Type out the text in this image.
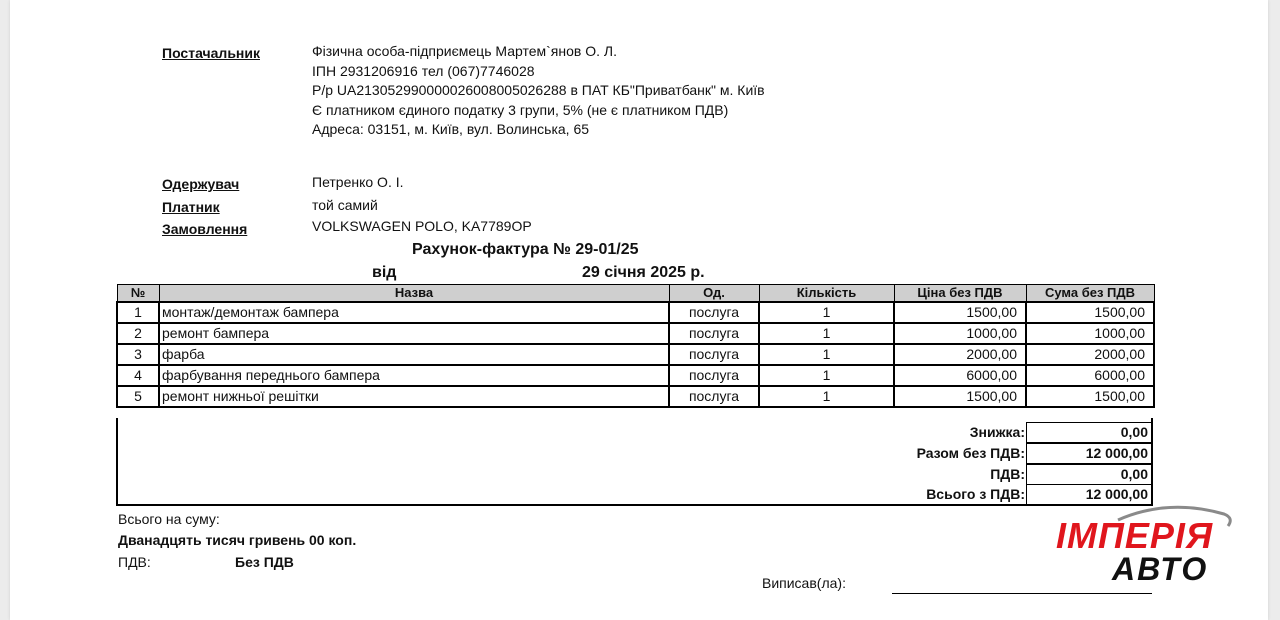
Постачальник	Фізична особа-підприємець Мартем`янов О. Л.
ІПН 2931206916 тел (067)7746028
Р/р UA213052990000026008005026288 в ПАТ КБ"Приватбанк" м. Київ
Є платником єдиного податку 3 групи, 5% (не є платником ПДВ)
Адреса: 03151, м. Київ, вул. Волинська, 65
Одержувач	Петренко О. І.
Платник	той самий
Замовлення	VOLKSWAGEN POLO, KA7789OP
Рахунок-фактура № 29-01/25
від	29 січня 2025 р.
№	Назва	Од.	Кількість	Ціна без ПДВ	Сума без ПДВ
1	монтаж/демонтаж бампера	послуга	1	1500,00	1500,00
2	ремонт бампера	послуга	1	1000,00	1000,00
3	фарба	послуга	1	2000,00	2000,00
4	фарбування переднього бампера	послуга	1	6000,00	6000,00
5	ремонт нижньої решітки	послуга	1	1500,00	1500,00
Знижка:	0,00
Разом без ПДВ:	12 000,00
ПДВ:	0,00
Всього з ПДВ:	12 000,00
Всього на суму:
Дванадцять тисяч гривень 00 коп.
ПДВ:	Без ПДВ
Виписав(ла):
ІМПЕРІЯ
АВТО
